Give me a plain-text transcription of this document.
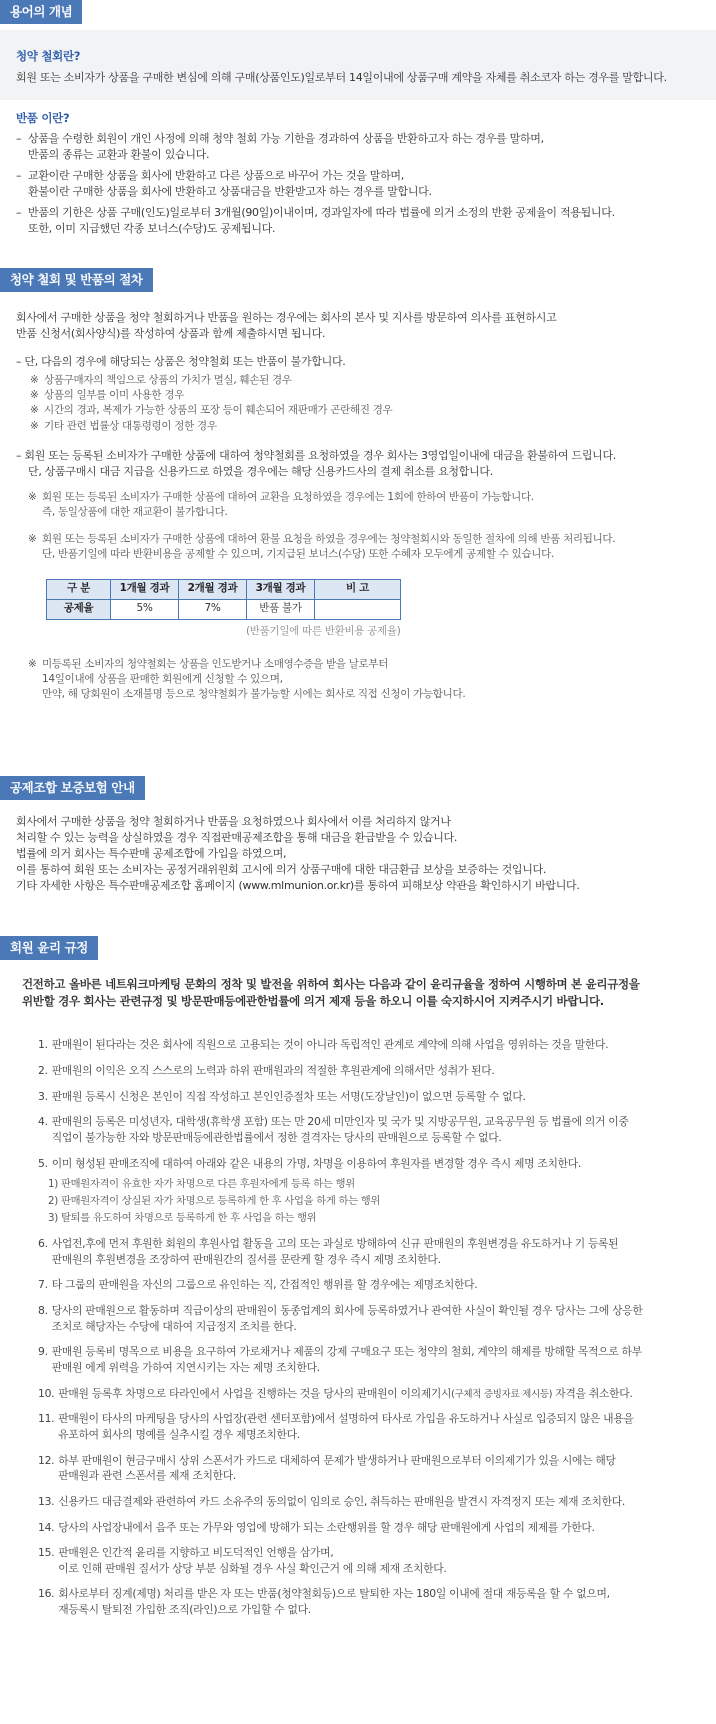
용어의 개념
청약 철회란?
회원 또는 소비자가 상품을 구매한 변심에 의해 구매(상품인도)일로부터 14일이내에 상품구매 계약을 자체를 취소코자 하는 경우를 말합니다.
반품 이란?
– 상품을 수령한 회원이 개인 사정에 의해 청약 철회 가능 기한을 경과하여 상품을 반환하고자 하는 경우를 말하며,
반품의 종류는 교환과 환불이 있습니다.
– 교환이란 구매한 상품을 회사에 반환하고 다른 상품으로 바꾸어 가는 것을 말하며,
환불이란 구매한 상품을 회사에 반환하고 상품대금을 반환받고자 하는 경우를 말합니다.
– 반품의 기한은 상품 구매(인도)일로부터 3개월(90일)이내이며, 경과일자에 따라 법률에 의거 소정의 반환 공제율이 적용됩니다.
또한, 이미 지급했던 각종 보너스(수당)도 공제됩니다.
청약 철회 및 반품의 절차
회사에서 구매한 상품을 청약 철회하거나 반품을 원하는 경우에는 회사의 본사 및 지사를 방문하여 의사를 표현하시고
반품 신청서(회사양식)를 작성하여 상품과 함께 제출하시면 됩니다.
– 단, 다음의 경우에 해당되는 상품은 청약철회 또는 반품이 불가합니다.
※ 상품구매자의 책임으로 상품의 가치가 멸실, 훼손된 경우
※ 상품의 일부를 이미 사용한 경우
※ 시간의 경과, 복제가 가능한 상품의 포장 등이 훼손되어 재판매가 곤란해진 경우
※ 기타 관련 법률상 대통령령이 정한 경우
– 회원 또는 등록된 소비자가 구매한 상품에 대하여 청약철회를 요청하였을 경우 회사는 3영업일이내에 대금을 환불하여 드립니다.
단, 상품구매시 대금 지급을 신용카드로 하였을 경우에는 해당 신용카드사의 결제 취소를 요청합니다.
※ 회원 또는 등록된 소비자가 구매한 상품에 대하여 교환을 요청하였을 경우에는 1회에 한하여 반품이 가능합니다.
즉, 동일상품에 대한 재교환이 불가합니다.
※ 회원 또는 등록된 소비자가 구매한 상품에 대하여 환불 요청을 하였을 경우에는 청약철회시와 동일한 절차에 의해 반품 처리됩니다.
단, 반품기일에 따라 반환비용을 공제할 수 있으며, 기지급된 보너스(수당) 또한 수혜자 모두에게 공제할 수 있습니다.
구 분	1개월 경과	2개월 경과	3개월 경과	비 고
공제율	5%	7%	반품 불가	
(반품기일에 따른 반환비용 공제율)
※ 미등록된 소비자의 청약철회는 상품을 인도받거나 소매영수증을 받을 날로부터
14일이내에 상품을 판매한 회원에게 신청할 수 있으며,
만약, 해 당회원이 소재불명 등으로 청약철회가 불가능할 시에는 회사로 직접 신청이 가능합니다.
공제조합 보증보험 안내
회사에서 구매한 상품을 청약 철회하거나 반품을 요청하였으나 회사에서 이를 처리하지 않거나
처리할 수 있는 능력을 상실하였을 경우 직접판매공제조합을 통해 대금을 환급받을 수 있습니다.
법률에 의거 회사는 특수판매 공제조합에 가입을 하였으며,
이를 통하여 회원 또는 소비자는 공정거래위원회 고시에 의거 상품구매에 대한 대금환급 보상을 보증하는 것입니다.
기타 자세한 사항은 특수판매공제조합 홈페이지 (www.mlmunion.or.kr)를 통하여 피해보상 약관을 확인하시기 바랍니다.
회원 윤리 규정
건전하고 올바른 네트워크마케팅 문화의 정착 및 발전을 위하여 회사는 다음과 같이 윤리규율을 정하여 시행하며 본 윤리규정을
위반할 경우 회사는 관련규정 및 방문판매등에관한법률에 의거 제재 등을 하오니 이를 숙지하시어 지켜주시기 바랍니다.
1. 판매원이 된다라는 것은 회사에 직원으로 고용되는 것이 아니라 독립적인 관계로 계약에 의해 사업을 영위하는 것을 말한다.
2. 판매원의 이익은 오직 스스로의 노력과 하위 판매원과의 적절한 후원관계에 의해서만 성취가 된다.
3. 판매원 등록시 신청은 본인이 직접 작성하고 본인인증절차 또는 서명(도장날인)이 없으면 등록할 수 없다.
4. 판매원의 등록은 미성년자, 대학생(휴학생 포함) 또는 만 20세 미만인자 및 국가 및 지방공무원, 교육공무원 등 법률에 의거 이중
직업이 불가능한 자와 방문판매등에관한법률에서 정한 결격자는 당사의 판매원으로 등록할 수 없다.
5. 이미 형성된 판매조직에 대하여 아래와 같은 내용의 가명, 차명을 이용하여 후원자를 변경할 경우 즉시 제명 조치한다.
1) 판매원자격이 유효한 자가 차명으로 다른 후원자에게 등록 하는 행위
2) 판매원자격이 상실된 자가 차명으로 등록하게 한 후 사업을 하게 하는 행위
3) 탈퇴를 유도하여 차명으로 등록하게 한 후 사업을 하는 행위
6. 사업전,후에 먼저 후원한 회원의 후원사업 활동을 고의 또는 과실로 방해하여 신규 판매원의 후원변경을 유도하거나 기 등록된
판매원의 후원변경을 조장하여 판매원간의 질서를 문란케 할 경우 즉시 제명 조치한다.
7. 타 그룹의 판매원을 자신의 그룹으로 유인하는 직, 간접적인 행위를 할 경우에는 제명조치한다.
8. 당사의 판매원으로 활동하며 직급이상의 판매원이 동종업계의 회사에 등록하였거나 관여한 사실이 확인될 경우 당사는 그에 상응한
조치로 해당자는 수당에 대하여 지급정지 조치를 한다.
9. 판매원 등록비 명목으로 비용을 요구하여 가로채거나 제품의 강제 구매요구 또는 청약의 철회, 계약의 해제를 방해할 목적으로 하부
판매원 에게 위력을 가하여 지연시키는 자는 제명 조치한다.
10. 판매원 등록후 차명으로 타라인에서 사업을 진행하는 것을 당사의 판매원이 이의제기시(구체적 증빙자료 제시등) 자격을 취소한다.
11. 판매원이 타사의 마케팅을 당사의 사업장(관련 센터포함)에서 설명하여 타사로 가입을 유도하거나 사실로 입증되지 않은 내용을
유포하여 회사의 명예를 실추시킬 경우 제명조치한다.
12. 하부 판매원이 현금구매시 상위 스폰서가 카드로 대체하여 문제가 발생하거나 판매원으로부터 이의제기가 있을 시에는 해당
판매원과 관련 스폰서를 제재 조치한다.
13. 신용카드 대금결제와 관련하여 카드 소유주의 동의없이 임의로 승인, 취득하는 판매원을 발견시 자격정지 또는 제재 조치한다.
14. 당사의 사업장내에서 음주 또는 가무와 영업에 방해가 되는 소란행위를 할 경우 해당 판매원에게 사업의 제제를 가한다.
15. 판매원은 인간적 윤리를 지향하고 비도덕적인 언행을 삼가며,
이로 인해 판매원 질서가 상당 부분 심화될 경우 사실 확인근거 에 의해 제재 조치한다.
16. 회사로부터 징계(제명) 처리를 받은 자 또는 반품(청약철회등)으로 탈퇴한 자는 180일 이내에 절대 재등록을 할 수 없으며,
재등록시 탈퇴전 가입한 조직(라인)으로 가입할 수 없다.
